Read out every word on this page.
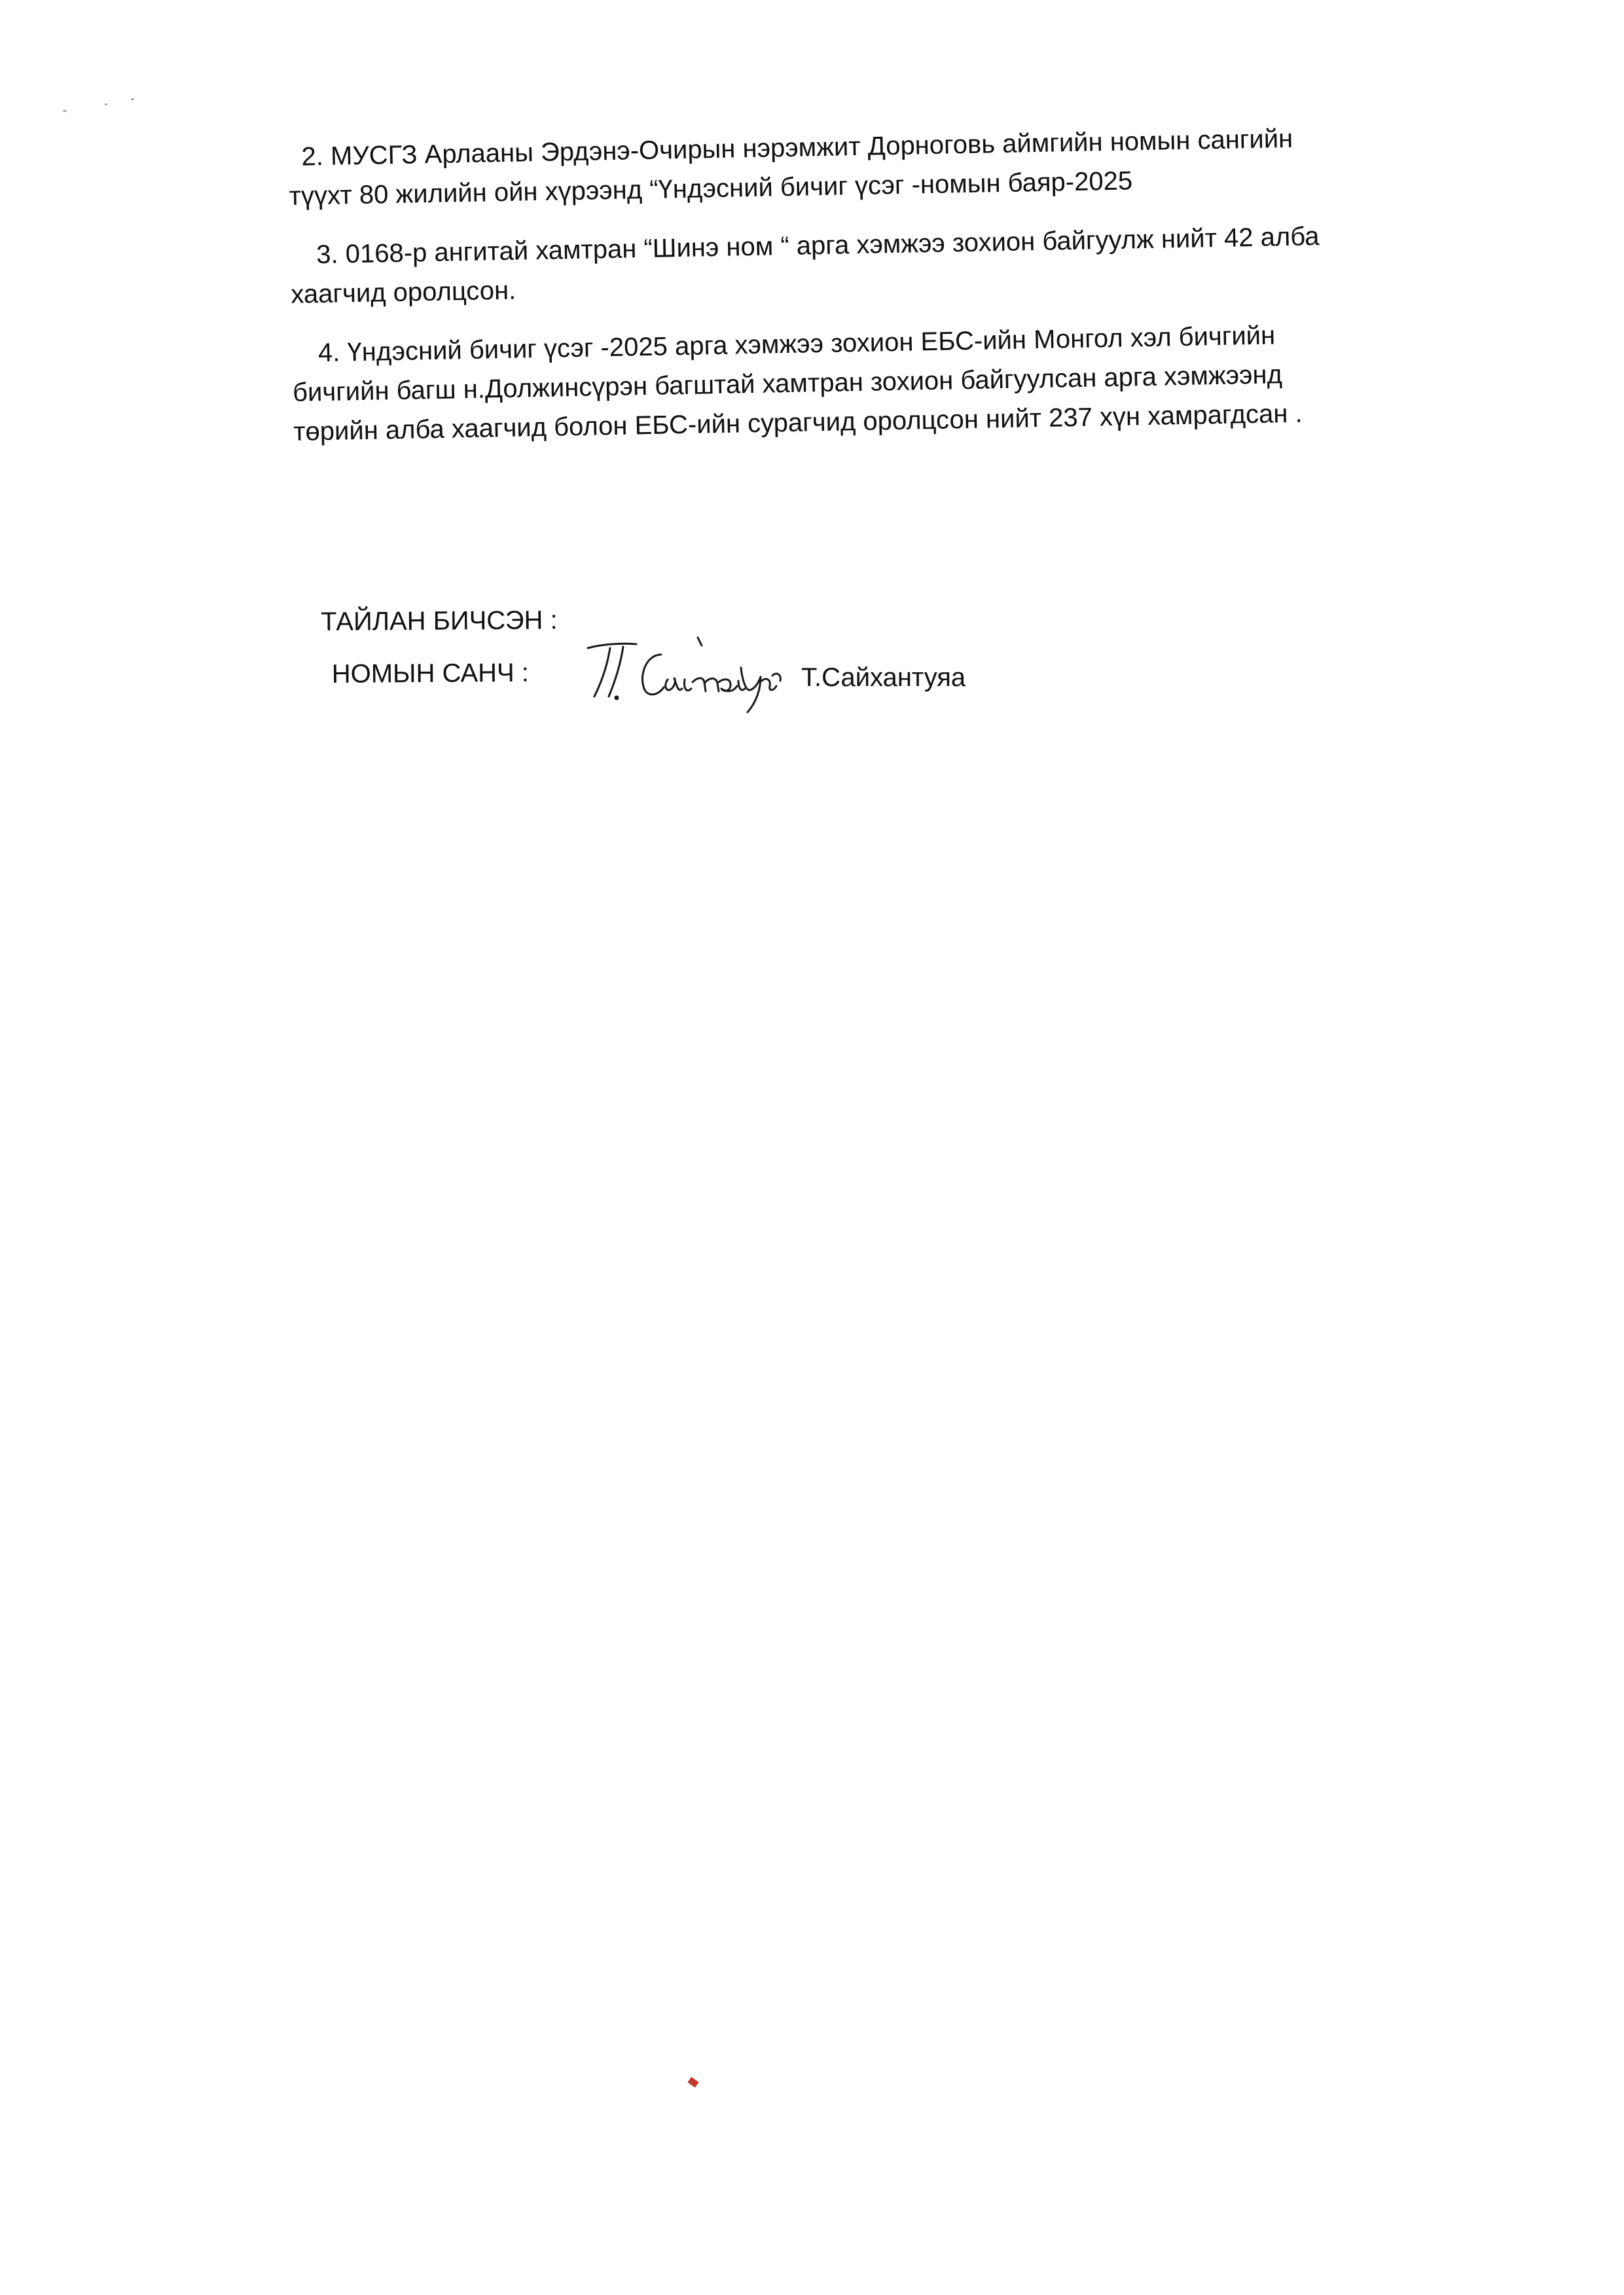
2. МУСГЗ Арлааны Эрдэнэ-Очирын нэрэмжит Дорноговь аймгийн номын сангийн

түүхт 80 жилийн ойн хүрээнд “Үндэсний бичиг үсэг -номын баяр-2025

3. 0168-р ангитай хамтран “Шинэ ном “ арга хэмжээ зохион байгуулж нийт 42 алба

хаагчид оролцсон.

4. Үндэсний бичиг үсэг -2025 арга хэмжээ зохион ЕБС-ийн Монгол хэл бичгийн

бичгийн багш н.Должинсүрэн багштай хамтран зохион байгуулсан арга хэмжээнд

төрийн алба хаагчид болон ЕБС-ийн сурагчид оролцсон нийт 237 хүн хамрагдсан .

ТАЙЛАН БИЧСЭН :
НОМЫН САНЧ :	Т.Сайхантуяа
